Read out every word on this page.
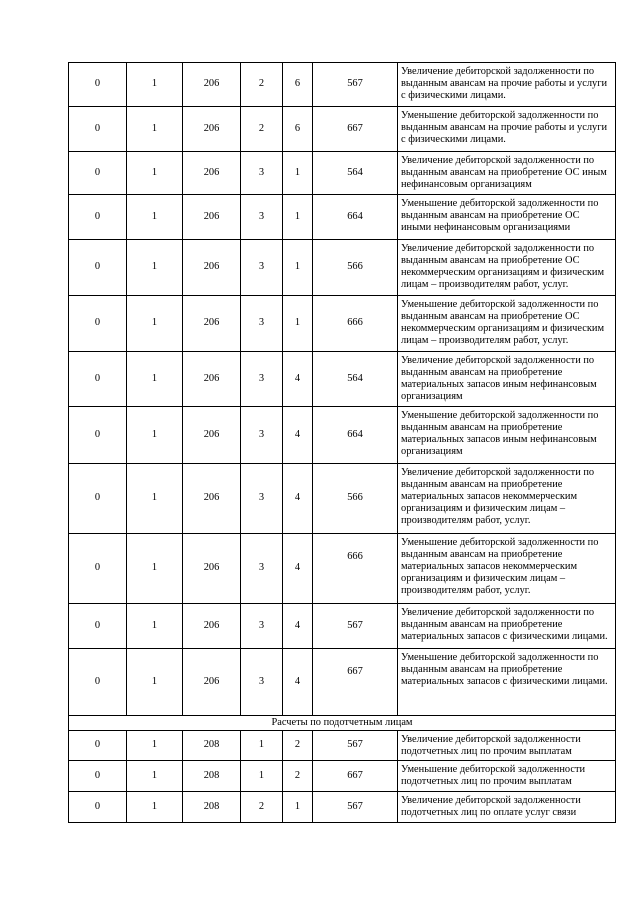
0	1	206	2	6	567	Увеличение дебиторской задолженности по выданным авансам на прочие работы и услуги с физическими лицами.
0	1	206	2	6	667	Уменьшение дебиторской задолженности по выданным авансам на прочие работы и услуги с физическими лицами.
0	1	206	3	1	564	Увеличение дебиторской задолженности по выданным авансам на приобретение ОС иным нефинансовым организациям
0	1	206	3	1	664	Уменьшение дебиторской задолженности по выданным авансам на приобретение ОС иными нефинансовым организациями
0	1	206	3	1	566	Увеличение дебиторской задолженности по выданным авансам на приобретение ОС некоммерческим организациям и физическим лицам – производителям работ, услуг.
0	1	206	3	1	666	Уменьшение дебиторской задолженности по выданным авансам на приобретение ОС некоммерческим организациям и физическим лицам – производителям работ, услуг.
0	1	206	3	4	564	Увеличение дебиторской задолженности по выданным авансам на приобретение материальных запасов иным нефинансовым организациям
0	1	206	3	4	664	Уменьшение дебиторской задолженности по выданным авансам на приобретение материальных запасов иным нефинансовым организациям
0	1	206	3	4	566	Увеличение дебиторской задолженности по выданным авансам на приобретение материальных запасов некоммерческим организациям и физическим лицам – производителям работ, услуг.
0	1	206	3	4	666	Уменьшение дебиторской задолженности по выданным авансам на приобретение материальных запасов некоммерческим организациям и физическим лицам – производителям работ, услуг.
0	1	206	3	4	567	Увеличение дебиторской задолженности по выданным авансам на приобретение материальных запасов с физическими лицами.
0	1	206	3	4	667	Уменьшение дебиторской задолженности по выданным авансам на приобретение материальных запасов с физическими лицами.
Расчеты по подотчетным лицам						
0	1	208	1	2	567	Увеличение дебиторской задолженности подотчетных лиц по прочим выплатам
0	1	208	1	2	667	Уменьшение дебиторской задолженности подотчетных лиц по прочим выплатам
0	1	208	2	1	567	Увеличение дебиторской задолженности подотчетных лиц по оплате услуг связи
